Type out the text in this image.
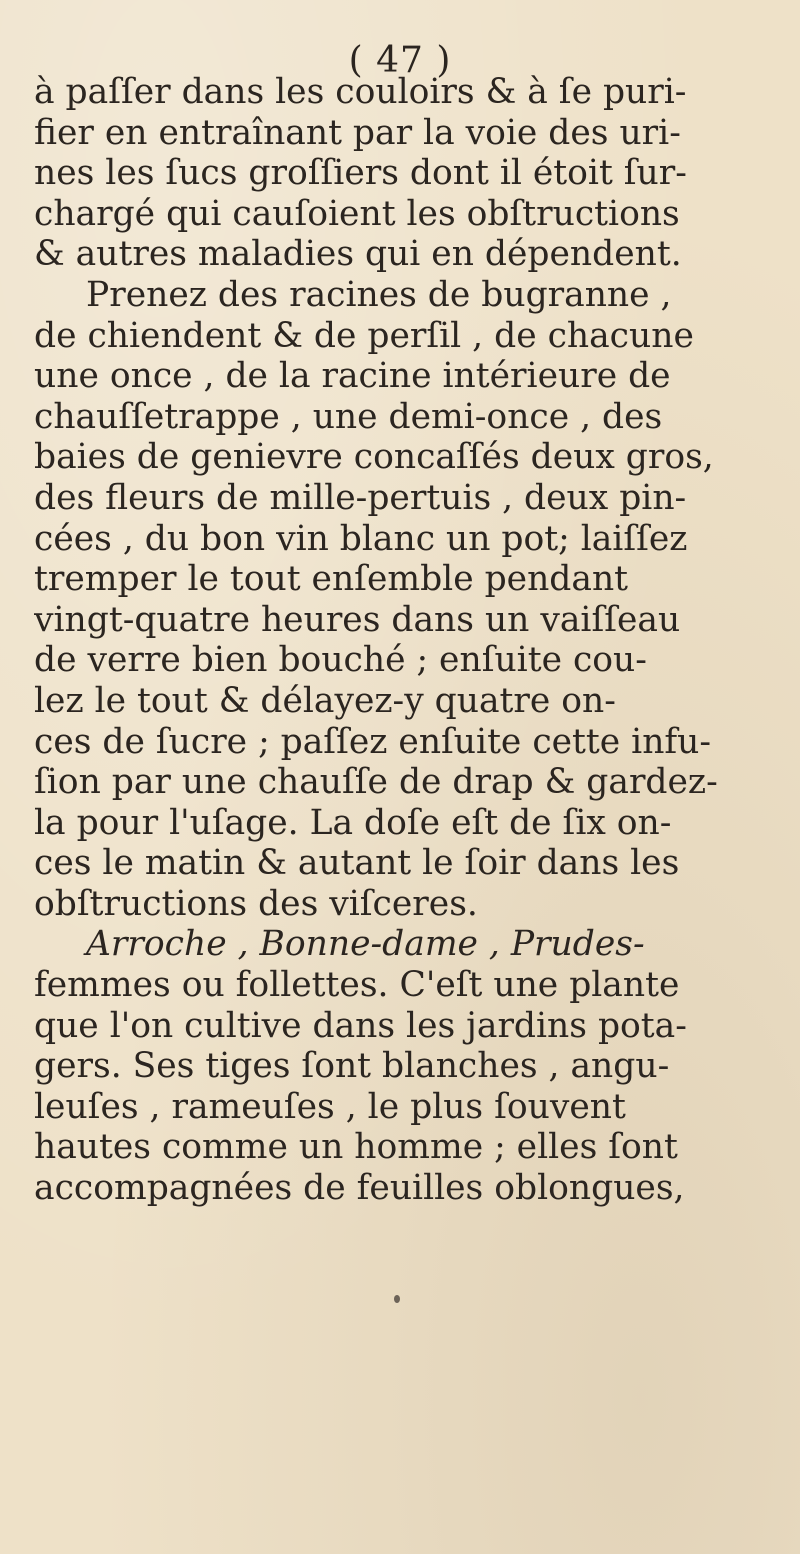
( 47 )
à paſſer dans les couloirs & à ſe puri-
fier en entraînant par la voie des uri-
nes les ſucs groſſiers dont il étoit ſur-
chargé qui cauſoient les obſtructions
& autres maladies qui en dépendent.
Prenez des racines de bugranne ,
de chiendent & de perſil , de chacune
une once , de la racine intérieure de
chauſſetrappe , une demi-once , des
baies de genievre concaſſés deux gros,
des fleurs de mille-pertuis , deux pin-
cées , du bon vin blanc un pot; laiſſez
tremper le tout enſemble pendant
vingt-quatre heures dans un vaiſſeau
de verre bien bouché ; enſuite cou-
lez le tout & délayez-y quatre on-
ces de ſucre ; paſſez enſuite cette infu-
ſion par une chauſſe de drap & gardez-
la pour l'uſage. La doſe eſt de ſix on-
ces le matin & autant le ſoir dans les
obſtructions des viſceres.
Arroche , Bonne-dame , Prudes-
femmes ou follettes. C'eſt une plante
que l'on cultive dans les jardins pota-
gers. Ses tiges ſont blanches , angu-
leuſes , rameuſes , le plus ſouvent
hautes comme un homme ; elles ſont
accompagnées de feuilles oblongues,
